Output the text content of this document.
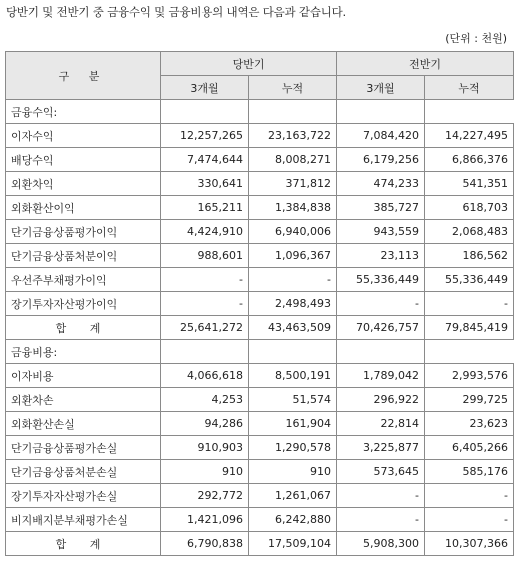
당반기 및 전반기 중 금융수익 및 금융비용의 내역은 다음과 같습니다.
(단위 : 천원)
구 분	당반기		전반기	
	3개월	누적	3개월	누적
금융수익:				
이자수익	12,257,265	23,163,722	7,084,420	14,227,495
배당수익	7,474,644	8,008,271	6,179,256	6,866,376
외환차익	330,641	371,812	474,233	541,351
외화환산이익	165,211	1,384,838	385,727	618,703
단기금융상품평가이익	4,424,910	6,940,006	943,559	2,068,483
단기금융상품처분이익	988,601	1,096,367	23,113	186,562
우선주부채평가이익	-	-	55,336,449	55,336,449
장기투자자산평가이익	-	2,498,493	-	-
합 계	25,641,272	43,463,509	70,426,757	79,845,419
금융비용:				
이자비용	4,066,618	8,500,191	1,789,042	2,993,576
외환차손	4,253	51,574	296,922	299,725
외화환산손실	94,286	161,904	22,814	23,623
단기금융상품평가손실	910,903	1,290,578	3,225,877	6,405,266
단기금융상품처분손실	910	910	573,645	585,176
장기투자자산평가손실	292,772	1,261,067	-	-
비지배지분부채평가손실	1,421,096	6,242,880	-	-
합 계	6,790,838	17,509,104	5,908,300	10,307,366
